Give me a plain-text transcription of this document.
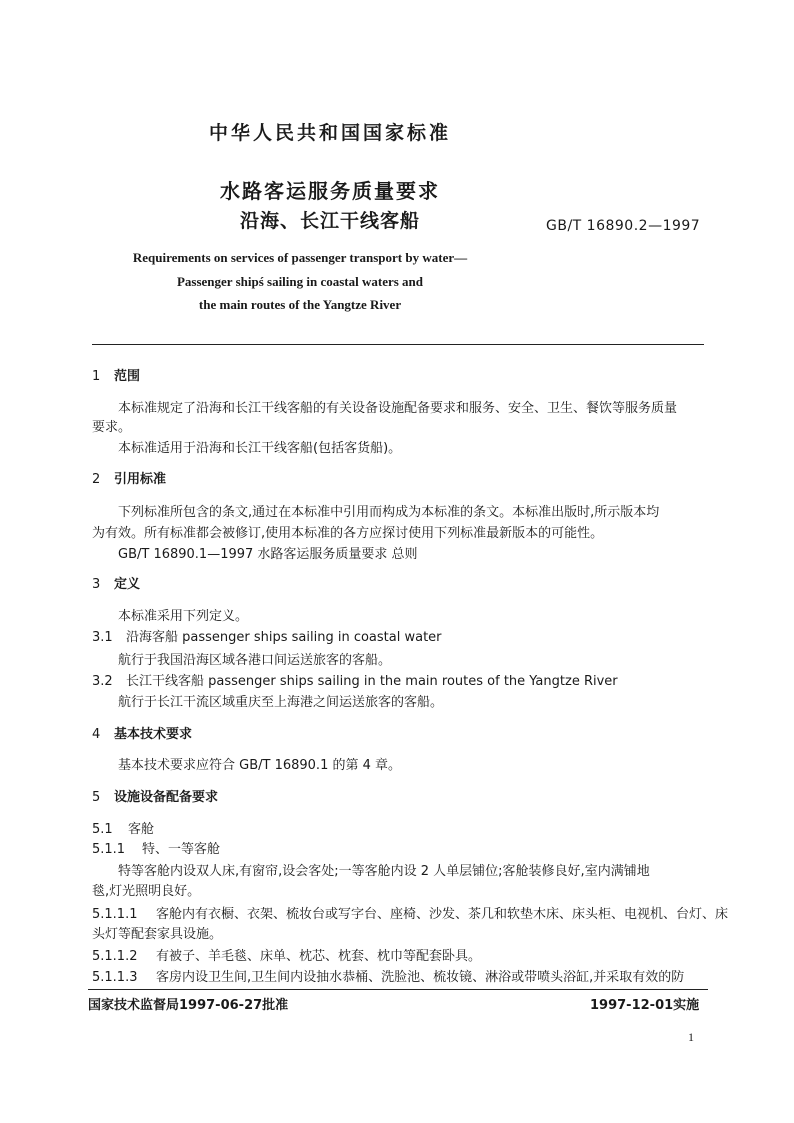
中华人民共和国国家标准
水路客运服务质量要求
沿海、长江干线客船	GB/T 16890.2—1997
Requirements on services of passenger transport by water—
Passenger shipś sailing in coastal waters and
the main routes of the Yangtze River
1 范围
本标准规定了沿海和长江干线客船的有关设备设施配备要求和服务、安全、卫生、餐饮等服务质量
要求。
本标准适用于沿海和长江干线客船(包括客货船)。
2 引用标准
下列标准所包含的条文,通过在本标准中引用而构成为本标准的条文。本标准出版时,所示版本均
为有效。所有标准都会被修订,使用本标准的各方应探讨使用下列标准最新版本的可能性。
GB/T 16890.1—1997 水路客运服务质量要求 总则
3 定义
本标准采用下列定义。
3.1 沿海客船 passenger ships sailing in coastal water
航行于我国沿海区域各港口间运送旅客的客船。
3.2 长江干线客船 passenger ships sailing in the main routes of the Yangtze River
航行于长江干流区域重庆至上海港之间运送旅客的客船。
4 基本技术要求
基本技术要求应符合 GB/T 16890.1 的第 4 章。
5 设施设备配备要求
5.1 客舱
5.1.1 特、一等客舱
特等客舱内设双人床,有窗帘,设会客处;一等客舱内设 2 人单层铺位;客舱装修良好,室内满铺地
毯,灯光照明良好。
5.1.1.1 客舱内有衣橱、衣架、梳妆台或写字台、座椅、沙发、茶几和软垫木床、床头柜、电视机、台灯、床
头灯等配套家具设施。
5.1.1.2 有被子、羊毛毯、床单、枕芯、枕套、枕巾等配套卧具。
5.1.1.3 客房内设卫生间,卫生间内设抽水恭桶、洗脸池、梳妆镜、淋浴或带喷头浴缸,并采取有效的防
国家技术监督局1997-06-27批准	1997-12-01实施
1
